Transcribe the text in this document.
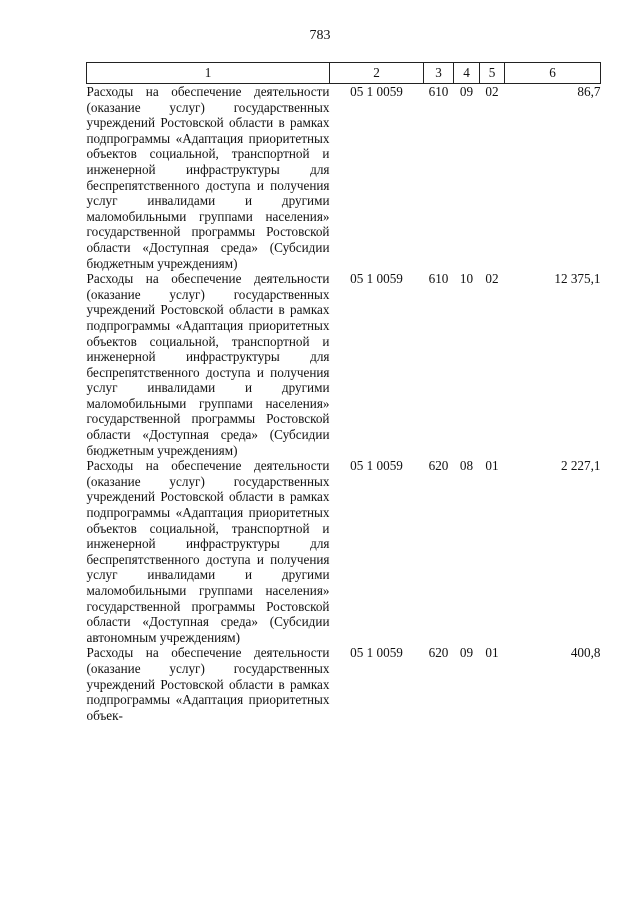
783
1	2	3	4	5	6
Расходы на обеспечение деятельности (оказание услуг) государственных учреждений Ростовской области в рамках подпрограммы «Адаптация приоритетных объектов социальной, транспортной и инженерной инфраструктуры для беспрепятственного доступа и получения услуг инвалидами и другими маломобильными группами населения» государственной программы Ростовской области «Доступная среда» (Субсидии бюджетным учреждениям)	05 1 0059	610	09	02	86,7
Расходы на обеспечение деятельности (оказание услуг) государственных учреждений Ростовской области в рамках подпрограммы «Адаптация приоритетных объектов социальной, транспортной и инженерной инфраструктуры для беспрепятственного доступа и получения услуг инвалидами и другими маломобильными группами населения» государственной программы Ростовской области «Доступная среда» (Субсидии бюджетным учреждениям)	05 1 0059	610	10	02	12 375,1
Расходы на обеспечение деятельности (оказание услуг) государственных учреждений Ростовской области в рамках подпрограммы «Адаптация приоритетных объектов социальной, транспортной и инженерной инфраструктуры для беспрепятственного доступа и получения услуг инвалидами и другими маломобильными группами населения» государственной программы Ростовской области «Доступная среда» (Субсидии автономным учреждениям)	05 1 0059	620	08	01	2 227,1
Расходы на обеспечение деятельности (оказание услуг) государственных учреждений Ростовской области в рамках подпрограммы «Адаптация приоритетных объек-	05 1 0059	620	09	01	400,8
